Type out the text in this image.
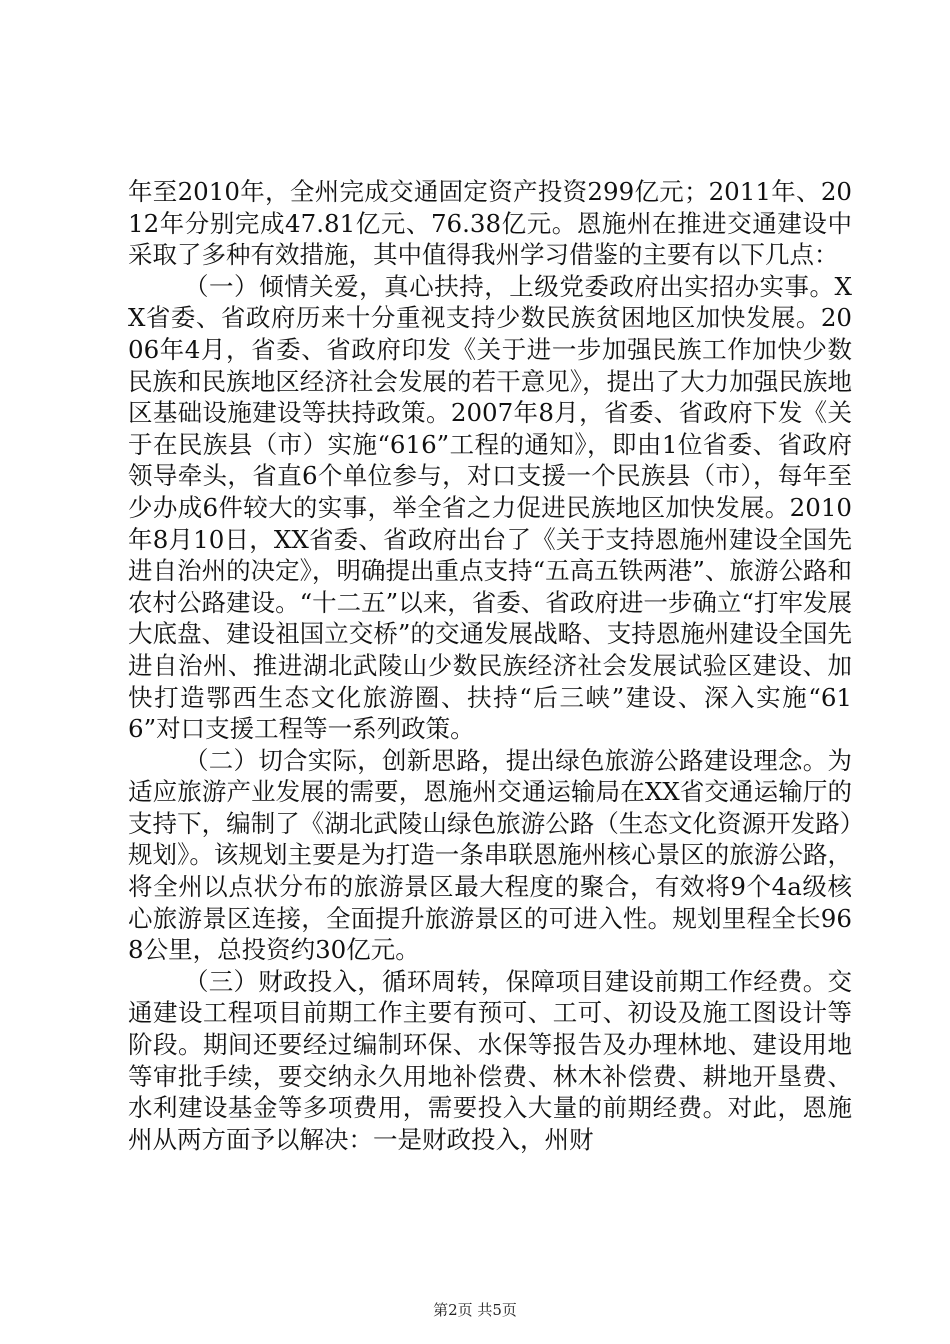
年至2010年，全州完成交通固定资产投资299亿元；2011年、2012年分别完成47.81亿元、76.38亿元。恩施州在推进交通建设中采取了多种有效措施，其中值得我州学习借鉴的主要有以下几点：

（一）倾情关爱，真心扶持，上级党委政府出实招办实事。XX省委、省政府历来十分重视支持少数民族贫困地区加快发展。2006年4月，省委、省政府印发《关于进一步加强民族工作加快少数民族和民族地区经济社会发展的若干意见》，提出了大力加强民族地区基础设施建设等扶持政策。2007年8月，省委、省政府下发《关于在民族县（市）实施“616”工程的通知》，即由1位省委、省政府领导牵头，省直6个单位参与，对口支援一个民族县（市），每年至少办成6件较大的实事，举全省之力促进民族地区加快发展。2010年8月10日，XX省委、省政府出台了《关于支持恩施州建设全国先进自治州的决定》，明确提出重点支持“五高五铁两港”、旅游公路和农村公路建设。“十二五”以来，省委、省政府进一步确立“打牢发展大底盘、建设祖国立交桥”的交通发展战略、支持恩施州建设全国先进自治州、推进湖北武陵山少数民族经济社会发展试验区建设、加快打造鄂西生态文化旅游圈、扶持“后三峡”建设、深入实施“616”对口支援工程等一系列政策。

（二）切合实际，创新思路，提出绿色旅游公路建设理念。为适应旅游产业发展的需要，恩施州交通运输局在XX省交通运输厅的支持下，编制了《湖北武陵山绿色旅游公路（生态文化资源开发路）规划》。该规划主要是为打造一条串联恩施州核心景区的旅游公路，将全州以点状分布的旅游景区最大程度的聚合，有效将9个4a级核心旅游景区连接，全面提升旅游景区的可进入性。规划里程全长968公里，总投资约30亿元。

（三）财政投入，循环周转，保障项目建设前期工作经费。交通建设工程项目前期工作主要有预可、工可、初设及施工图设计等阶段。期间还要经过编制环保、水保等报告及办理林地、建设用地等审批手续，要交纳永久用地补偿费、林木补偿费、耕地开垦费、水利建设基金等多项费用，需要投入大量的前期经费。对此，恩施州从两方面予以解决：一是财政投入，州财

第2页 共5页
